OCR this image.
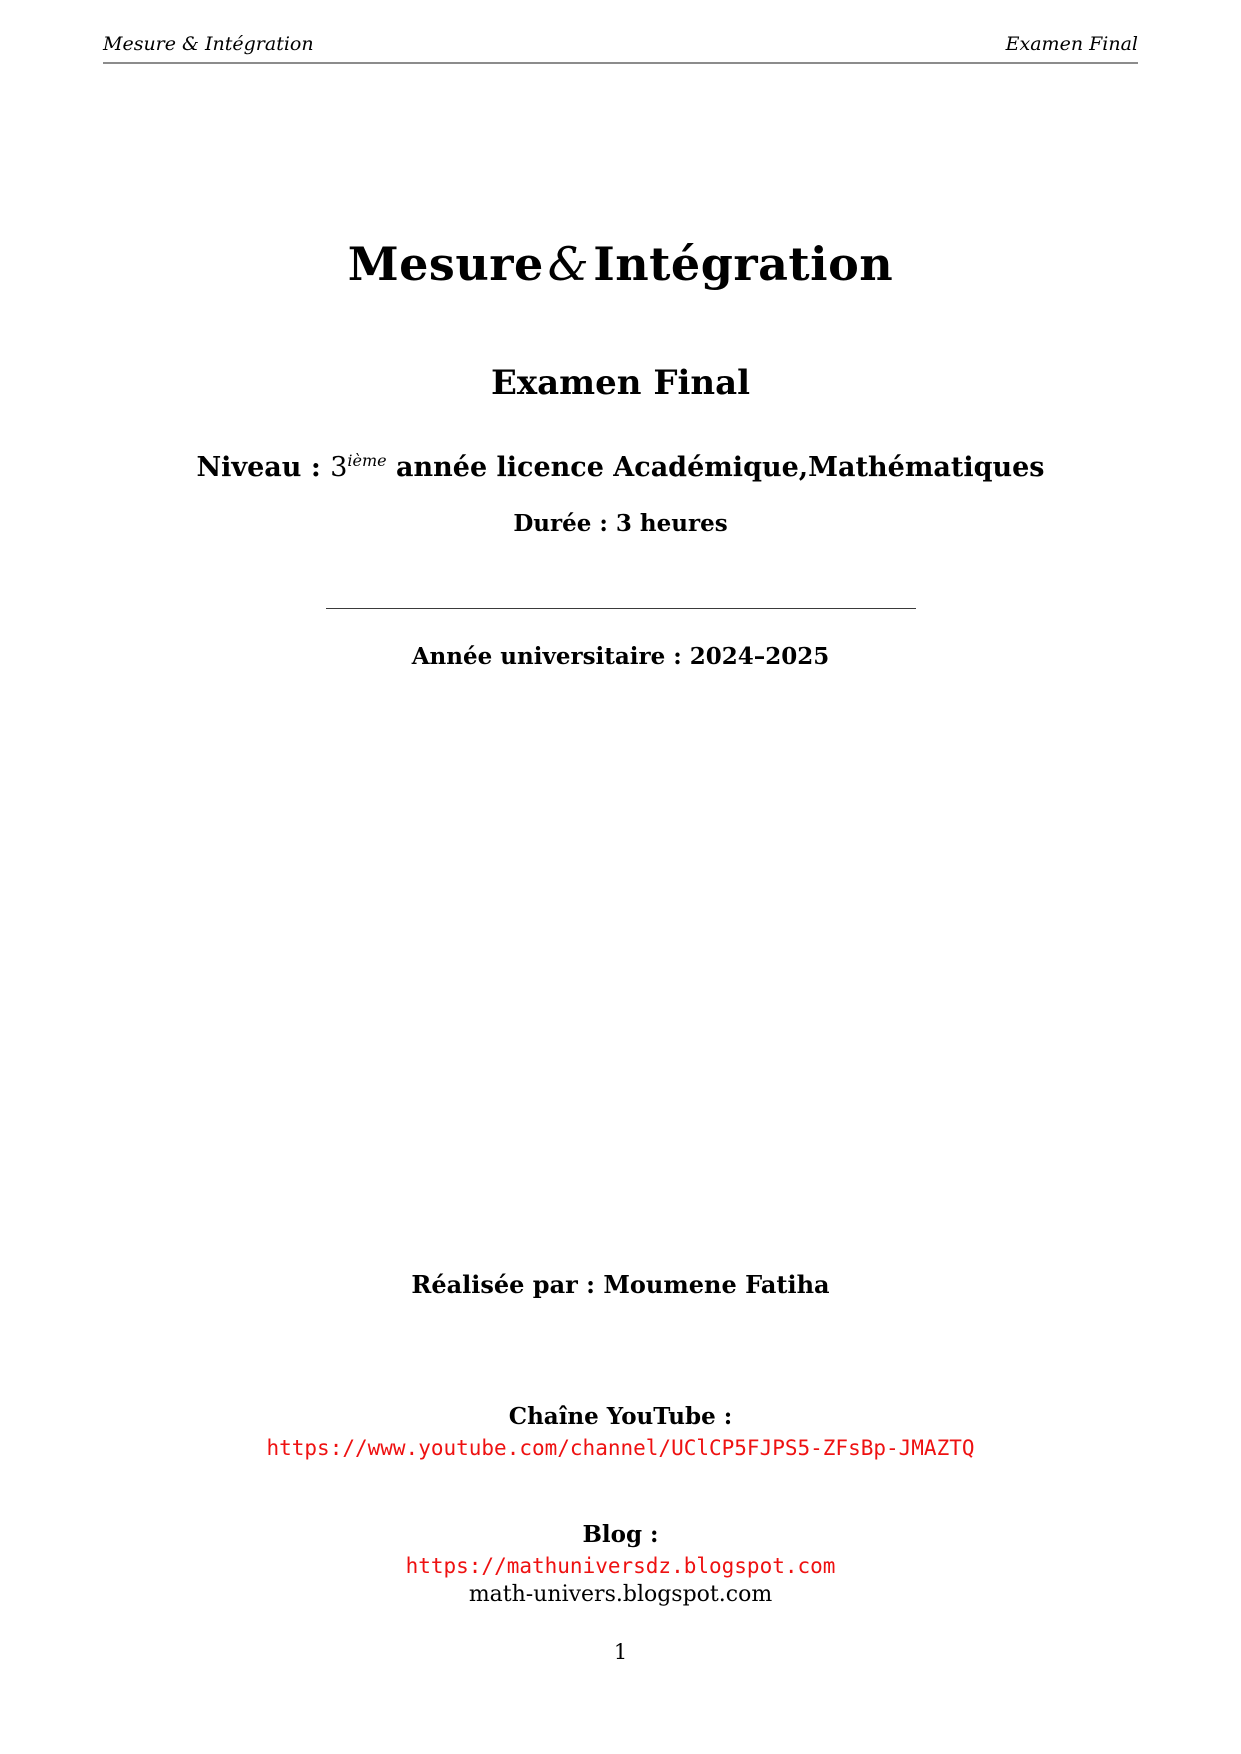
Mesure & Intégration	Examen Final
Mesure&Intégration
Examen Final

Niveau : 3ième année licence Académique,Mathématiques

Durée : 3 heures

Année universitaire : 2024–2025

Réalisée par : Moumene Fatiha

Chaîne YouTube :

https://www.youtube.com/channel/UClCP5FJPS5-ZFsBp-JMAZTQ

Blog :

https://mathuniversdz.blogspot.com

math-univers.blogspot.com

1
